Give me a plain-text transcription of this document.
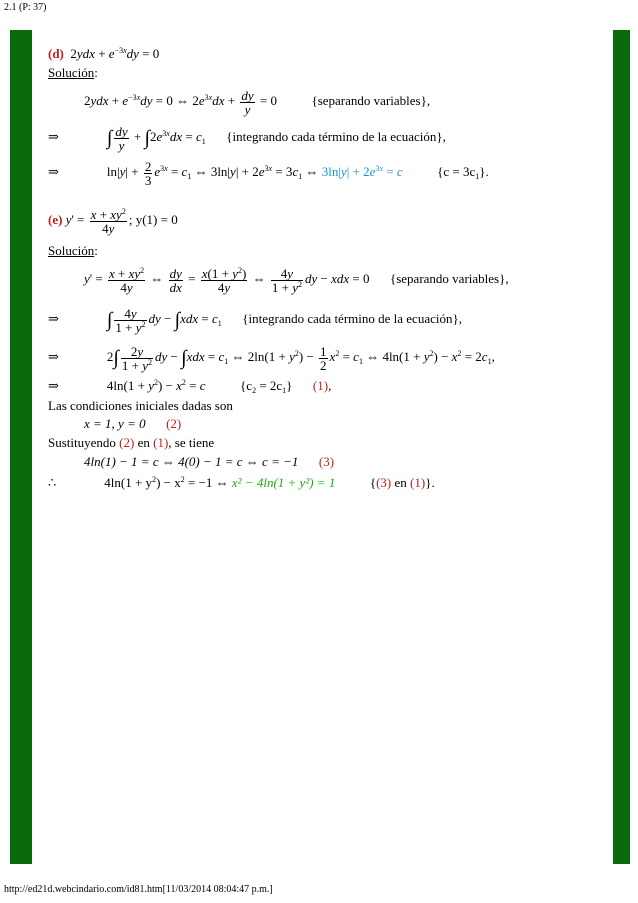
2.1 (P: 37)
(d)  $2ydx + e^{-3x}dy = 0$
Solución:
$2ydx + e^{-3x}dy = 0$ ⇔ $2e^{3x}dx + \frac{dy}{y} = 0$  {separando variables},
⇒ ∫ $\frac{dy}{y} + \int 2e^{3x}dx = c_1$ {integrando cada término de la ecuación},
⇒	$\ln|y| + \frac{2}{3} e^{3x} = c_1$ ⇔ $3\ln|y| + 2e^{3x} = 3c_1$ ⇔ $3\ln|y| + 2e^{3x} = c$	$\{c = 3c_1\}$.
(e) $y' = \frac{x + xy^2}{4y}$ ; y(1) = 0
Solución:
$y' = \frac{x + xy^2}{4y}$ ⇔ $\frac{dy}{dx} = \frac{x(1 + y^2)}{4y}$ ⇔ $\frac{4y}{1 + y^2}$ dy − xdx = 0  {separando variables},
⇒ ∫ $\frac{4y}{1 + y^2}$ dy − $\int xdx = c_1$ {integrando cada término de la ecuación},
⇒	$2\int \frac{2y}{1 + y^2}$ dy − $\int xdx = c_1$ ⇔ $2\ln(1 + y^2) - \frac{1}{2} x^2 = c_1$ ⇔ $4\ln(1 + y^2) - x^2 = 2c_1$,
⇒	$4\ln(1 + y^2) - x^2 = c$	$\{c_2 = 2c_1\}$ (1),
Las condiciones iniciales dadas son
x = 1, y = 0 (2)
Sustituyendo (2) en (1), se tiene
4ln(1) − 1 = c ⇔ 4(0) − 1 = c ⇔ c = −1 (3)
∴	$4\ln(1 + y^2) - x^2 = -1$ ⇔ x² − 4ln(1 + y²) = 1	{(3) en (1)}.
http://ed21d.webcindario.com/id81.htm[11/03/2014 08:04:47 p.m.]
